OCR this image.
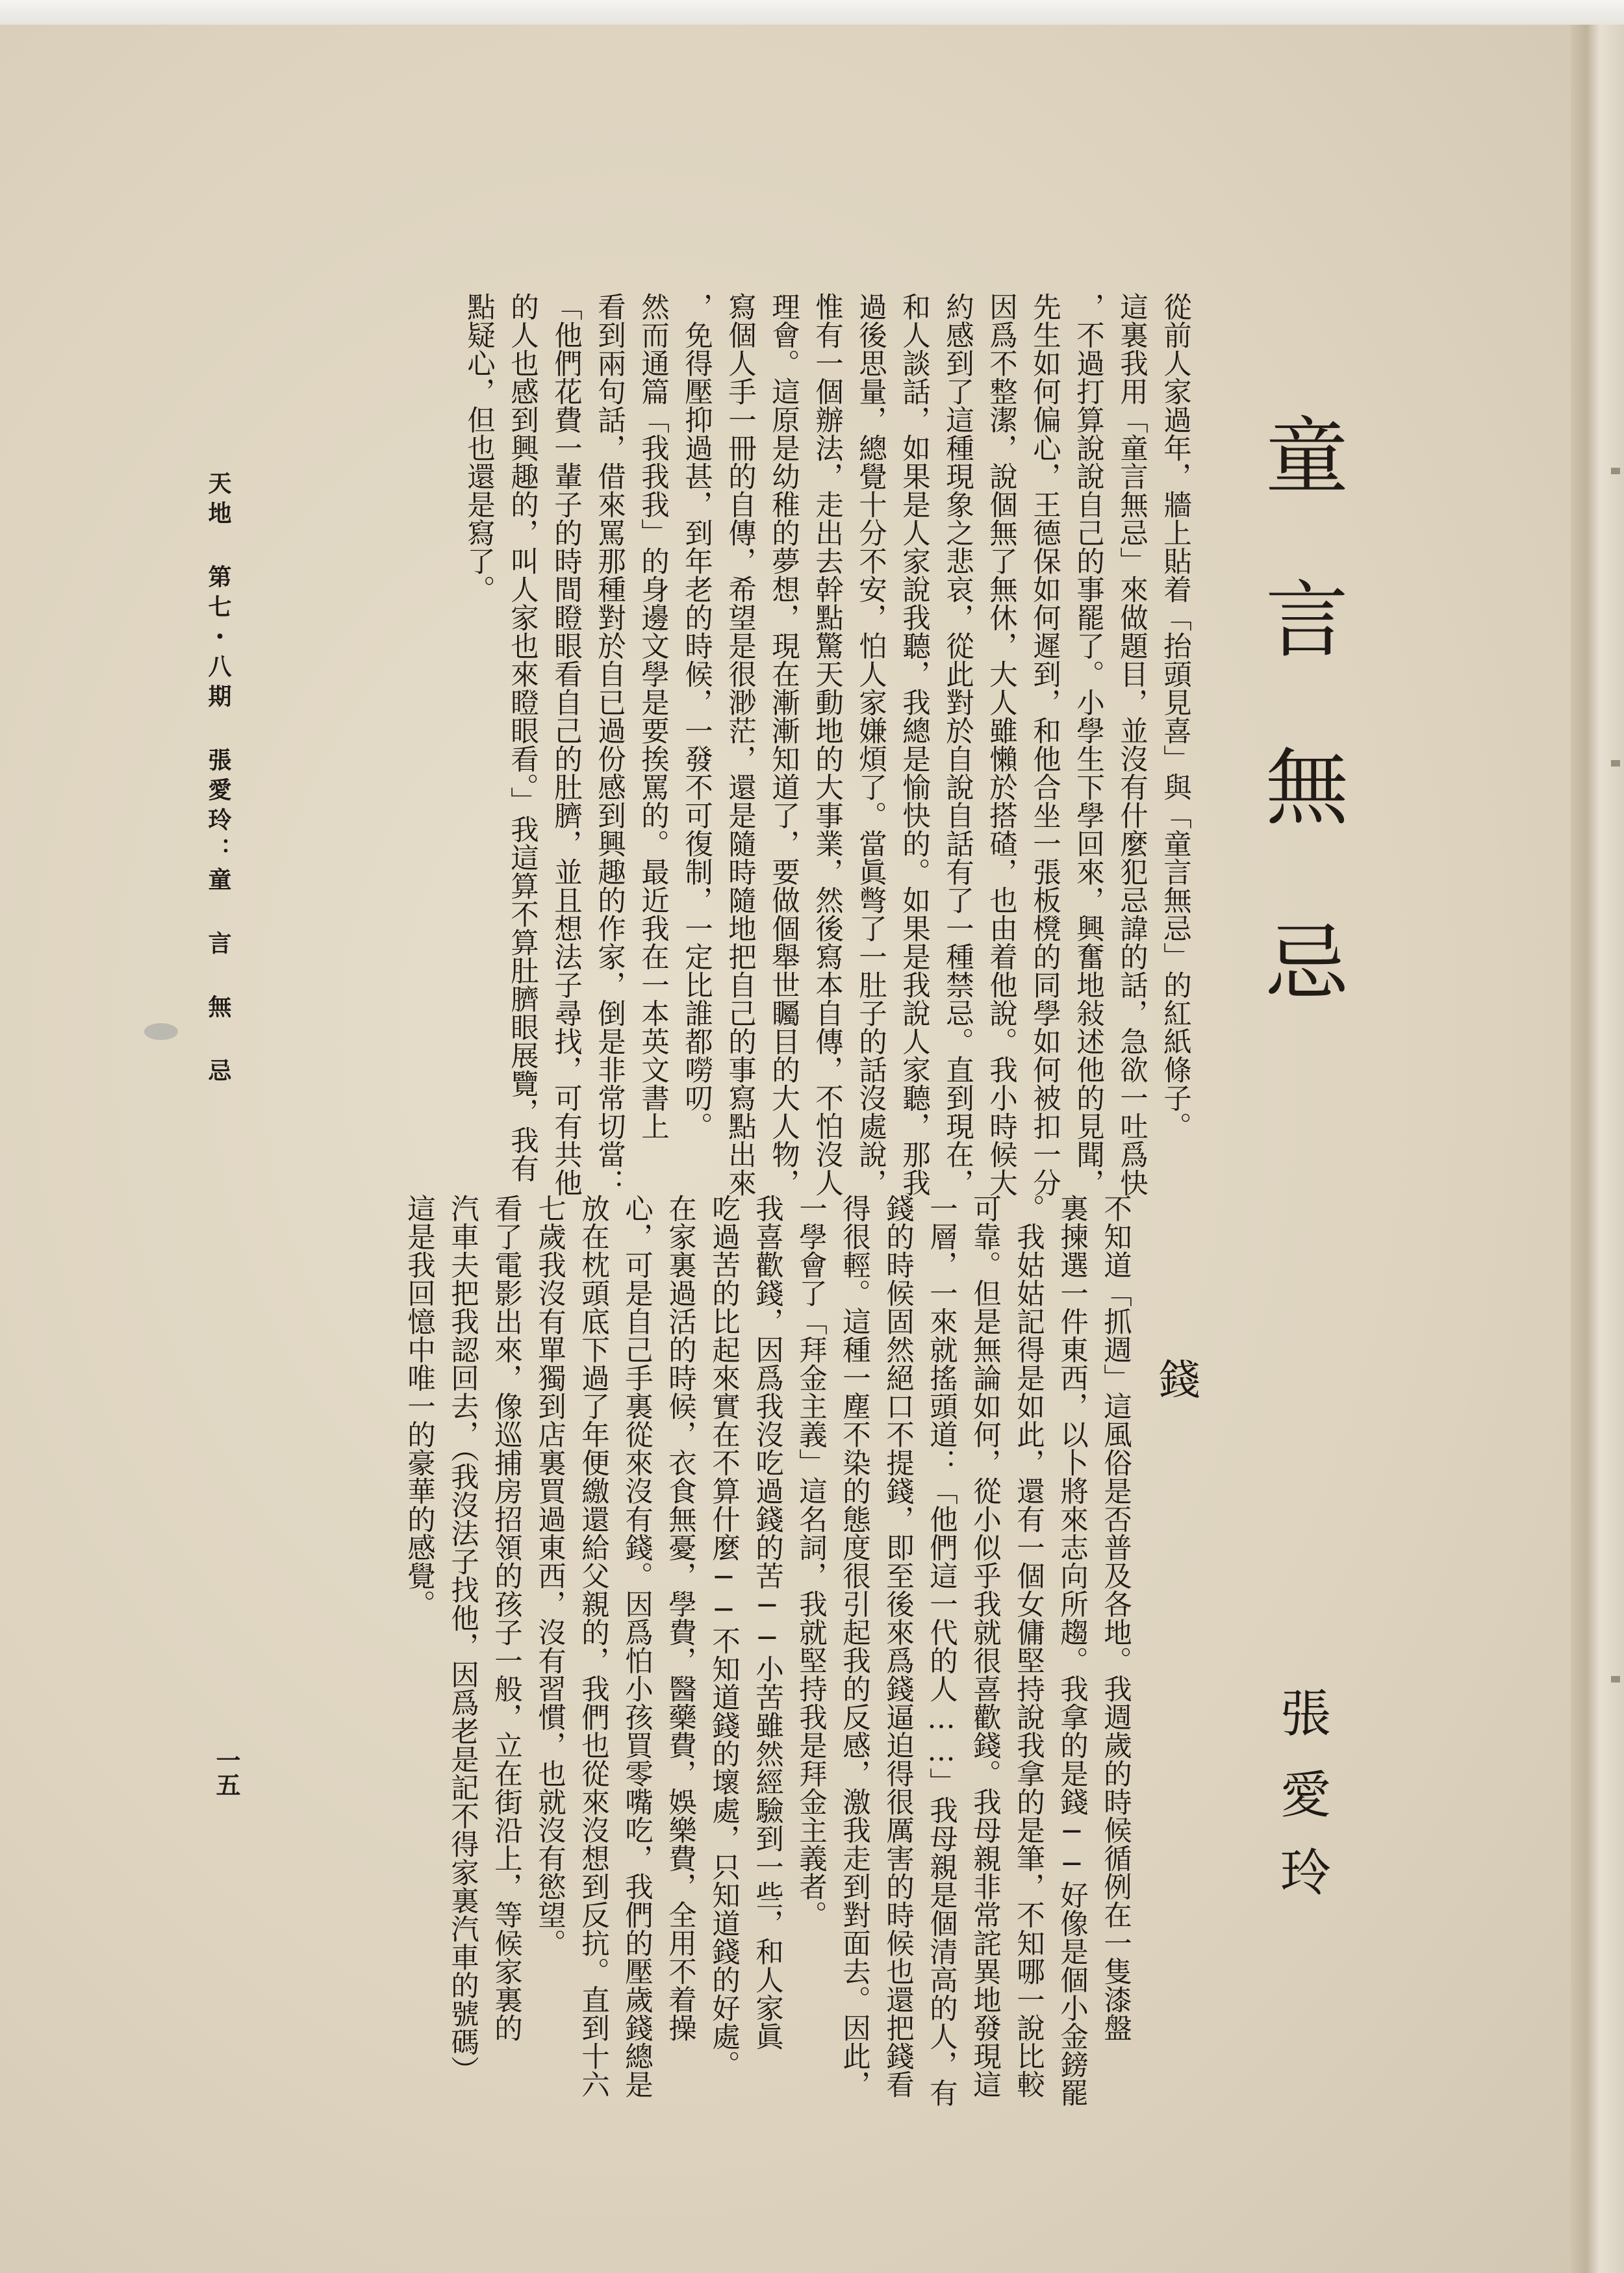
童
言
無
忌
張
愛
玲
從前人家過年，牆上貼着「抬頭見喜」與「童言無忌」的紅紙條子。
這裏我用「童言無忌」來做題目，並沒有什麼犯忌諱的話，急欲一吐爲快
，不過打算說說自己的事罷了。小學生下學回來，興奮地敍述他的見聞，
先生如何偏心，王德保如何遲到，和他合坐一張板櫈的同學如何被扣一分
因爲不整潔，說個無了無休，大人雖懶於搭碴，也由着他說。我小時候大
約感到了這種現象之悲哀，從此對於自說自話有了一種禁忌。直到現在，
和人談話，如果是人家說我聽，我總是愉快的。如果是我說人家聽，那我
過後思量，總覺十分不安，怕人家嫌煩了。當眞彆了一肚子的話沒處說，
惟有一個辦法，走出去幹點驚天動地的大事業，然後寫本自傳，不怕沒人
理會。這原是幼稚的夢想，現在漸漸知道了，要做個舉世矚目的大人物，
寫個人手一冊的自傳，希望是很渺茫，還是隨時隨地把自己的事寫點出來
，免得壓抑過甚，到年老的時候，一發不可復制，一定比誰都嘮叨。
然而通篇「我我我」的身邊文學是要挨罵的。最近我在一本英文書上
看到兩句話，借來罵那種對於自已過份感到興趣的作家，倒是非常切當：
「他們花費一輩子的時間瞪眼看自己的肚臍，並且想法子尋找，可有共他
的人也感到興趣的，叫人家也來瞪眼看。」我這算不算肚臍眼展覽，我有
點疑心，但也還是寫了。
錢
不知道「抓週」這風俗是否普及各地。我週歲的時候循例在一隻漆盤
裏揀選一件東西，以卜將來志向所趨。我拿的是錢──好像是個小金鎊罷
。我姑姑記得是如此，還有一個女傭堅持說我拿的是筆，不知哪一說比較
可靠。但是無論如何，從小似乎我就很喜歡錢。我母親非常詫異地發現這
一層，一來就搖頭道：「他們這一代的人……」我母親是個清高的人，有
錢的時候固然絕口不提錢，即至後來爲錢逼迫得很厲害的時候也還把錢看
得很輕。這種一塵不染的態度很引起我的反感，激我走到對面去。因此，
一學會了「拜金主義」這名詞，我就堅持我是拜金主義者。
我喜歡錢，因爲我沒吃過錢的苦──小苦雖然經驗到一些，和人家眞
吃過苦的比起來實在不算什麼──不知道錢的壞處，只知道錢的好處。
在家裏過活的時候，衣食無憂，學費，醫藥費，娛樂費，全用不着操
心，可是自己手裏從來沒有錢。因爲怕小孩買零嘴吃，我們的壓歲錢總是
放在枕頭底下過了年便繳還給父親的，我們也從來沒想到反抗。直到十六
七歲我沒有單獨到店裏買過東西，沒有習慣，也就沒有慾望。
看了電影出來，像巡捕房招領的孩子一般，立在街沿上，等候家裏的
汽車夫把我認回去，（我沒法子找他，因爲老是記不得家裏汽車的號碼）
這是我回憶中唯一的豪華的感覺。
天地 第七・八期 張愛玲：童 言 無 忌
一五
